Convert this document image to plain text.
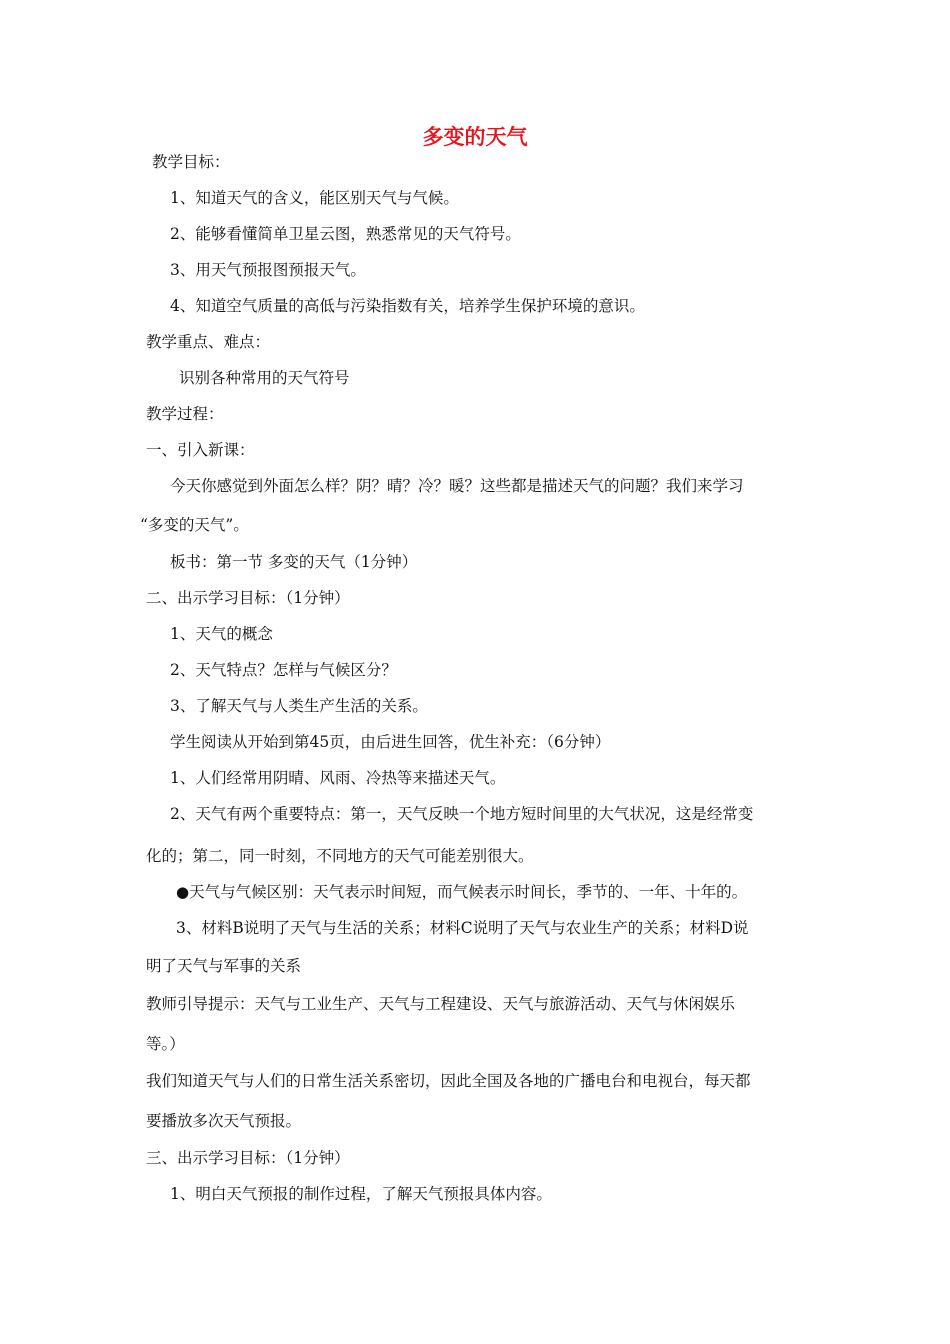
多变的天气
教学目标：
1、知道天气的含义，能区别天气与气候。
2、能够看懂简单卫星云图，熟悉常见的天气符号。
3、用天气预报图预报天气。
4、知道空气质量的高低与污染指数有关，培养学生保护环境的意识。
教学重点、难点：
识别各种常用的天气符号
教学过程：
一、引入新课：
今天你感觉到外面怎么样？阴？晴？冷？暖？这些都是描述天气的问题？我们来学习
“多变的天气”。
板书：第一节 多变的天气（1分钟）
二、出示学习目标：（1分钟）
1、天气的概念
2、天气特点？怎样与气候区分？
3、了解天气与人类生产生活的关系。
学生阅读从开始到第45页，由后进生回答，优生补充：（6分钟）
1、人们经常用阴晴、风雨、冷热等来描述天气。
2、天气有两个重要特点：第一，天气反映一个地方短时间里的大气状况，这是经常变
化的；第二，同一时刻，不同地方的天气可能差别很大。
●天气与气候区别：天气表示时间短，而气候表示时间长，季节的、一年、十年的。
3、材料B说明了天气与生活的关系；材料C说明了天气与农业生产的关系；材料D说
明了天气与军事的关系
教师引导提示：天气与工业生产、天气与工程建设、天气与旅游活动、天气与休闲娱乐
等。）
我们知道天气与人们的日常生活关系密切，因此全国及各地的广播电台和电视台，每天都
要播放多次天气预报。
三、出示学习目标：（1分钟）
1、明白天气预报的制作过程，了解天气预报具体内容。
